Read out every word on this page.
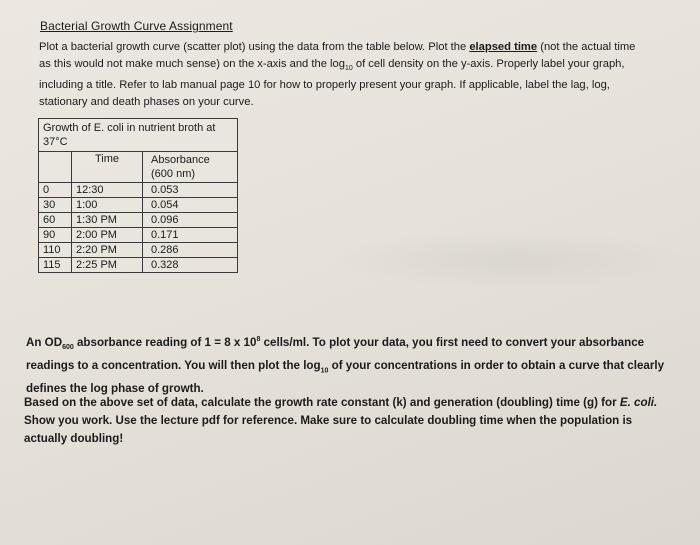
Bacterial Growth Curve Assignment
Plot a bacterial growth curve (scatter plot) using the data from the table below. Plot the elapsed time (not the actual time as this would not make much sense) on the x-axis and the $\log_{10}$ of cell density on the y-axis. Properly label your graph, including a title. Refer to lab manual page 10 for how to properly present your graph. If applicable, label the lag, log, stationary and death phases on your curve.
Growth of E. coli in nutrient broth at 37°C		
	Time	Absorbance (600 nm)
0	12:30	0.053
30	1:00	0.054
60	1:30 PM	0.096
90	2:00 PM	0.171
110	2:20 PM	0.286
115	2:25 PM	0.328
An $OD_{600}$ absorbance reading of 1 = 8 x $10^8$ cells/ml. To plot your data, you first need to convert your absorbance readings to a concentration. You will then plot the $\log_{10}$ of your concentrations in order to obtain a curve that clearly defines the log phase of growth.
Based on the above set of data, calculate the growth rate constant (k) and generation (doubling) time (g) for E. coli. Show you work. Use the lecture pdf for reference. Make sure to calculate doubling time when the population is actually doubling!
